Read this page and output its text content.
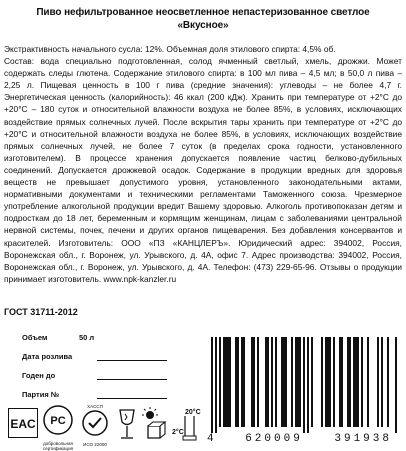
Пиво нефильтрованное неосветленное непастеризованное светлое
«Вкусное»

Экстрактивность начального сусла: 12%. Объемная доля этилового спирта: 4,5% об.

Состав: вода специально подготовленная, солод ячменный светлый, хмель, дрожжи. Может содержать следы глютена. Содержание этилового спирта: в 100 мл пива – 4,5 мл; в 50,0 л пива – 2,25 л. Пищевая ценность в 100 г пива (средние значения): углеводы – не более 4,7 г. Энергетическая ценность (калорийность): 46 ккал (200 кДж). Хранить при температуре от +2°С до +20°С – 180 суток и относительной влажности воздуха не более 85%, в условиях, исключающих воздействие прямых солнечных лучей. После вскрытия тары хранить при температуре от +2°С до +20°С и относительной влажности воздуха не более 85%, в условиях, исключающих воздействие прямых солнечных лучей, не более 7 суток (в пределах срока годности, установленного изготовителем). В процессе хранения допускается появление частиц белково-дубильных соединений. Допускается дрожжевой осадок. Содержание в продукции вредных для здоровья веществ не превышает допустимого уровня, установленного законодательными актами, нормативными документами и техническими регламентами Таможенного союза. Чрезмерное употребление алкогольной продукции вредит Вашему здоровью. Алкоголь противопоказан детям и подросткам до 18 лет, беременным и кормящим женщинам, лицам с заболеваниями центральной нервной системы, почек, печени и других органов пищеварения. Без добавления консервантов и красителей. Изготовитель: ООО «ПЗ «КАНЦЛЕРЪ». Юридический адрес: 394002, Россия, Воронежская обл., г. Воронеж, ул. Урывского, д. 4А, офис 7. Адрес производства: 394002, Россия, Воронежская обл., г. Воронеж, ул. Урывского, д. 4А. Телефон: (473) 229-65-96. Отзывы о продукции принимает изготовитель. www.npk-kanzler.ru

ГОСТ 31711-2012
Объем	50 л
Дата розлива
Годен до
Партия №
EAC PC
добровольная сертификация
ХАССП
ИСО 22000
20°C
2°C
4	620009	391938
